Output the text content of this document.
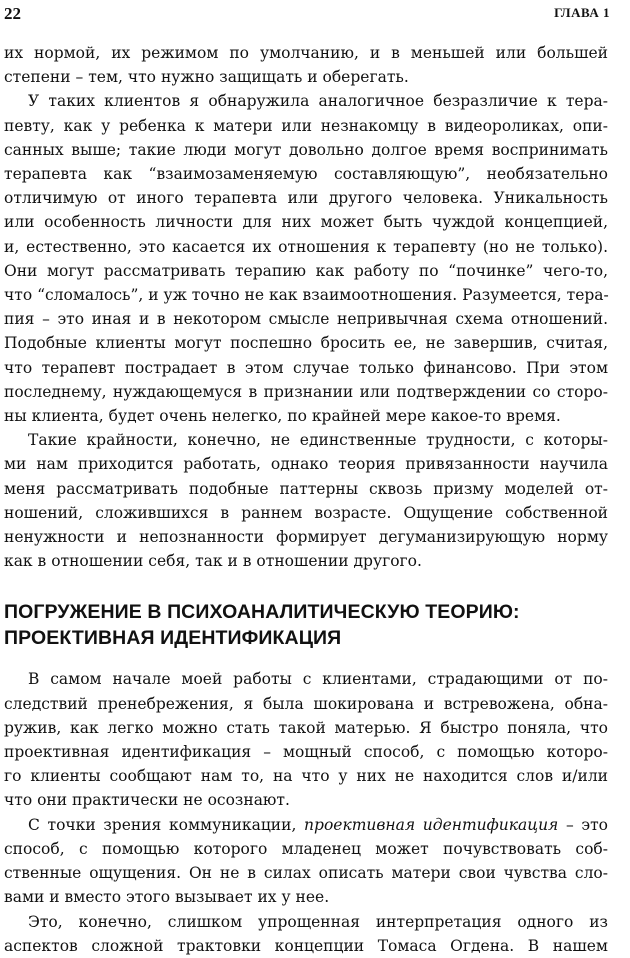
22	ГЛАВА 1
их нормой, их режимом по умолчанию, и в меньшей или большей
степени – тем, что нужно защищать и оберегать.
У таких клиентов я обнаружила аналогичное безразличие к тера-
певту, как у ребенка к матери или незнакомцу в видеороликах, опи-
санных выше; такие люди могут довольно долгое время воспринимать
терапевта как “взаимозаменяемую составляющую”, необязательно
отличимую от иного терапевта или другого человека. Уникальность
или особенность личности для них может быть чуждой концепцией,
и, естественно, это касается их отношения к терапевту (но не только).
Они могут рассматривать терапию как работу по “починке” чего-то,
что “сломалось”, и уж точно не как взаимоотношения. Разумеется, тера-
пия – это иная и в некотором смысле непривычная схема отношений.
Подобные клиенты могут поспешно бросить ее, не завершив, считая,
что терапевт пострадает в этом случае только финансово. При этом
последнему, нуждающемуся в признании или подтверждении со сторо-
ны клиента, будет очень нелегко, по крайней мере какое-то время.
Такие крайности, конечно, не единственные трудности, с которы-
ми нам приходится работать, однако теория привязанности научила
меня рассматривать подобные паттерны сквозь призму моделей от-
ношений, сложившихся в раннем возрасте. Ощущение собственной
ненужности и непознанности формирует дегуманизирующую норму
как в отношении себя, так и в отношении другого.
ПОГРУЖЕНИЕ В ПСИХОАНАЛИТИЧЕСКУЮ ТЕОРИЮ:
ПРОЕКТИВНАЯ ИДЕНТИФИКАЦИЯ
В самом начале моей работы с клиентами, страдающими от по-
следствий пренебрежения, я была шокирована и встревожена, обна-
ружив, как легко можно стать такой матерью. Я быстро поняла, что
проективная идентификация – мощный способ, с помощью которо-
го клиенты сообщают нам то, на что у них не находится слов и/или
что они практически не осознают.
С точки зрения коммуникации, проективная идентификация – это
способ, с помощью которого младенец может почувствовать соб-
ственные ощущения. Он не в силах описать матери свои чувства сло-
вами и вместо этого вызывает их у нее.
Это, конечно, слишком упрощенная интерпретация одного из
аспектов сложной трактовки концепции Томаса Огдена. В нашем
